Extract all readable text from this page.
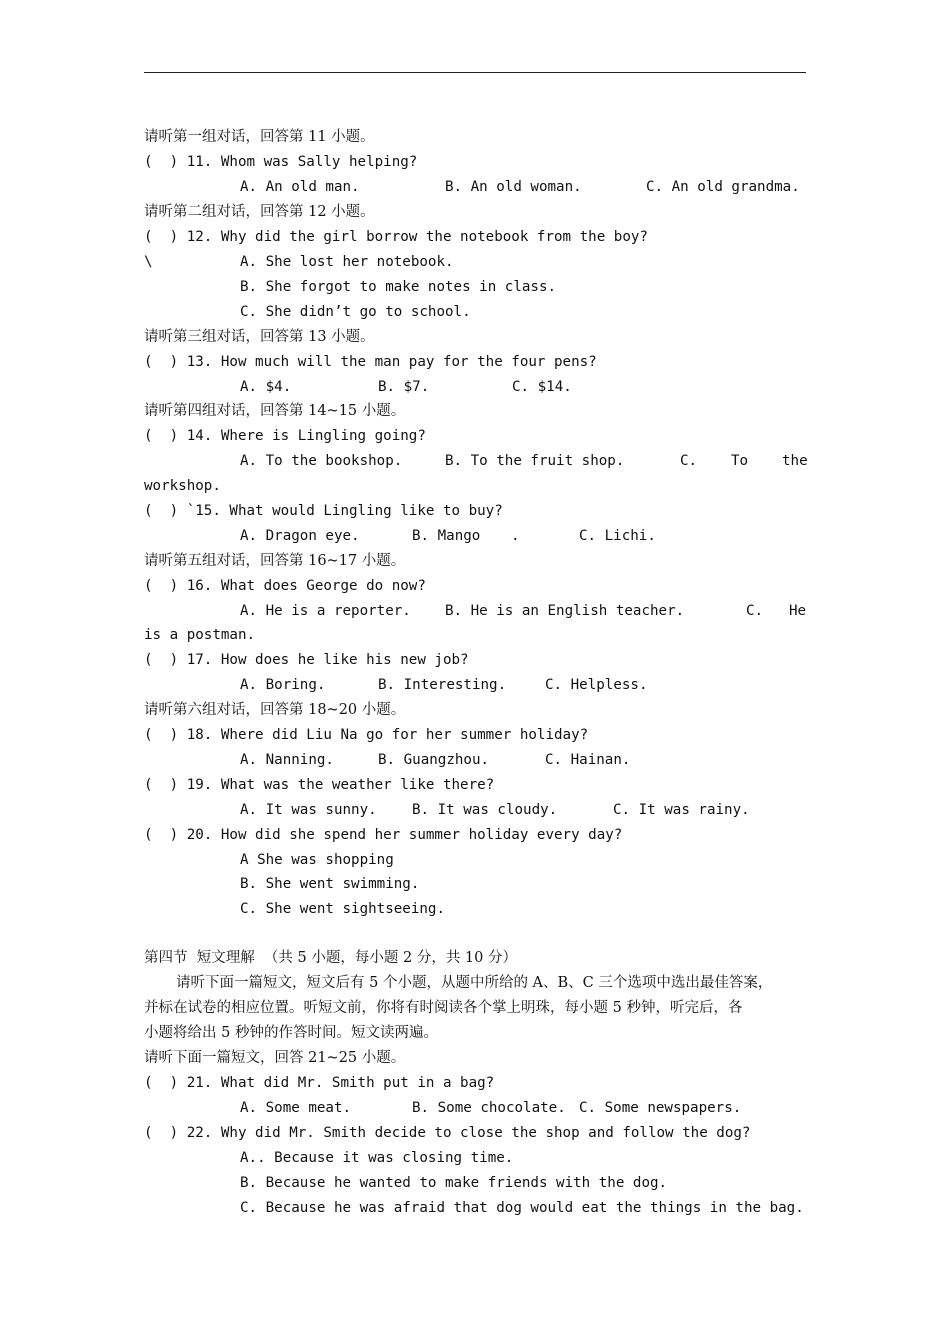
请听第一组对话，回答第 11 小题。
(  ) 11. Whom was Sally helping?
A. An old man.	B. An old woman.	C. An old grandma.
请听第二组对话，回答第 12 小题。
(  ) 12. Why did the girl borrow the notebook from the boy?
\	A. She lost her notebook.
B. She forgot to make notes in class.
C. She didn’t go to school.
请听第三组对话，回答第 13 小题。
(  ) 13. How much will the man pay for the four pens?
A. $4.	B. $7.	C. $14.
请听第四组对话，回答第 14~15 小题。
(  ) 14. Where is Lingling going?
A. To the bookshop.	B. To the fruit shop.	C. To the
workshop.
(  ) `15. What would Lingling like to buy?
A. Dragon eye.	B. Mango .	C. Lichi.
请听第五组对话，回答第 16~17 小题。
(  ) 16. What does George do now?
A. He is a reporter. B. He is an English teacher.	C. He
is a postman.
(  ) 17. How does he like his new job?
A. Boring.	B. Interesting.	C. Helpless.
请听第六组对话，回答第 18~20 小题。
(  ) 18. Where did Liu Na go for her summer holiday?
A. Nanning.	B. Guangzhou.	C. Hainan.
(  ) 19. What was the weather like there?
A. It was sunny. B. It was cloudy.	C. It was rainy.
(  ) 20. How did she spend her summer holiday every day?
A She was shopping
B. She went swimming.
C. She went sightseeing.
第四节  短文理解  （共 5 小题，每小题 2 分，共 10 分）
请听下面一篇短文，短文后有 5 个小题，从题中所给的 A、B、C 三个选项中选出最佳答案，
并标在试卷的相应位置。听短文前，你将有时阅读各个掌上明珠，每小题 5 秒钟，听完后，各
小题将给出 5 秒钟的作答时间。短文读两遍。
请听下面一篇短文，回答 21~25 小题。
(  ) 21. What did Mr. Smith put in a bag?
A. Some meat.	B. Some chocolate. C. Some newspapers.
(  ) 22. Why did Mr. Smith decide to close the shop and follow the dog?
A.. Because it was closing time.
B. Because he wanted to make friends with the dog.
C. Because he was afraid that dog would eat the things in the bag.
